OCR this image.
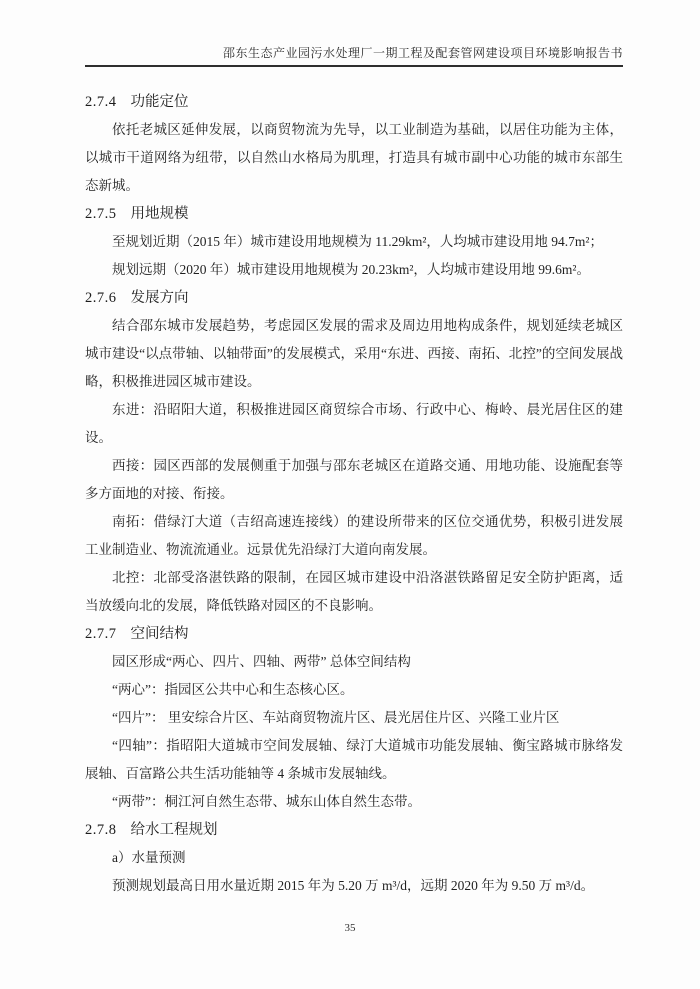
邵东生态产业园污水处理厂一期工程及配套管网建设项目环境影响报告书
2.7.4 功能定位

依托老城区延伸发展，以商贸物流为先导，以工业制造为基础，以居住功能为主体，以城市干道网络为纽带，以自然山水格局为肌理，打造具有城市副中心功能的城市东部生态新城。

2.7.5 用地规模

至规划近期（2015 年）城市建设用地规模为 11.29km²，人均城市建设用地 94.7m²；

规划远期（2020 年）城市建设用地规模为 20.23km²，人均城市建设用地 99.6m²。

2.7.6 发展方向

结合邵东城市发展趋势，考虑园区发展的需求及周边用地构成条件，规划延续老城区城市建设“以点带轴、以轴带面”的发展模式，采用“东进、西接、南拓、北控”的空间发展战略，积极推进园区城市建设。

东进：沿昭阳大道，积极推进园区商贸综合市场、行政中心、梅岭、晨光居住区的建设。

西接：园区西部的发展侧重于加强与邵东老城区在道路交通、用地功能、设施配套等多方面地的对接、衔接。

南拓：借绿汀大道（吉绍高速连接线）的建设所带来的区位交通优势，积极引进发展工业制造业、物流流通业。远景优先沿绿汀大道向南发展。

北控：北部受洛湛铁路的限制，在园区城市建设中沿洛湛铁路留足安全防护距离，适当放缓向北的发展，降低铁路对园区的不良影响。

2.7.7 空间结构

园区形成“两心、四片、四轴、两带” 总体空间结构

“两心”：指园区公共中心和生态核心区。

“四片”： 里安综合片区、车站商贸物流片区、晨光居住片区、兴隆工业片区

“四轴”：指昭阳大道城市空间发展轴、绿汀大道城市功能发展轴、衡宝路城市脉络发展轴、百富路公共生活功能轴等 4 条城市发展轴线。

“两带”：桐江河自然生态带、城东山体自然生态带。

2.7.8 给水工程规划

a）水量预测

预测规划最高日用水量近期 2015 年为 5.20 万 m³/d，远期 2020 年为 9.50 万 m³/d。

35
